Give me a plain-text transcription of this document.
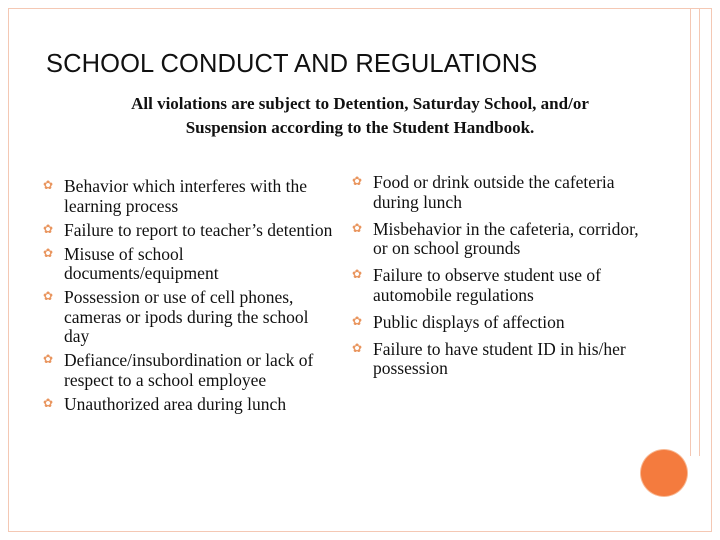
SCHOOL CONDUCT AND REGULATIONS
All violations are subject to Detention, Saturday School, and/or
Suspension according to the Student Handbook.
✿ Behavior which interferes with the learning process
✿ Failure to report to teacher’s detention
✿ Misuse of school documents/equipment
✿ Possession or use of cell phones, cameras or ipods during the school day
✿ Defiance/insubordination or lack of respect to a school employee
✿ Unauthorized area during lunch
✿ Food or drink outside the cafeteria during lunch
✿ Misbehavior in the cafeteria, corridor, or on school grounds
✿ Failure to observe student use of automobile regulations
✿ Public displays of affection
✿ Failure to have student ID in his/her possession
